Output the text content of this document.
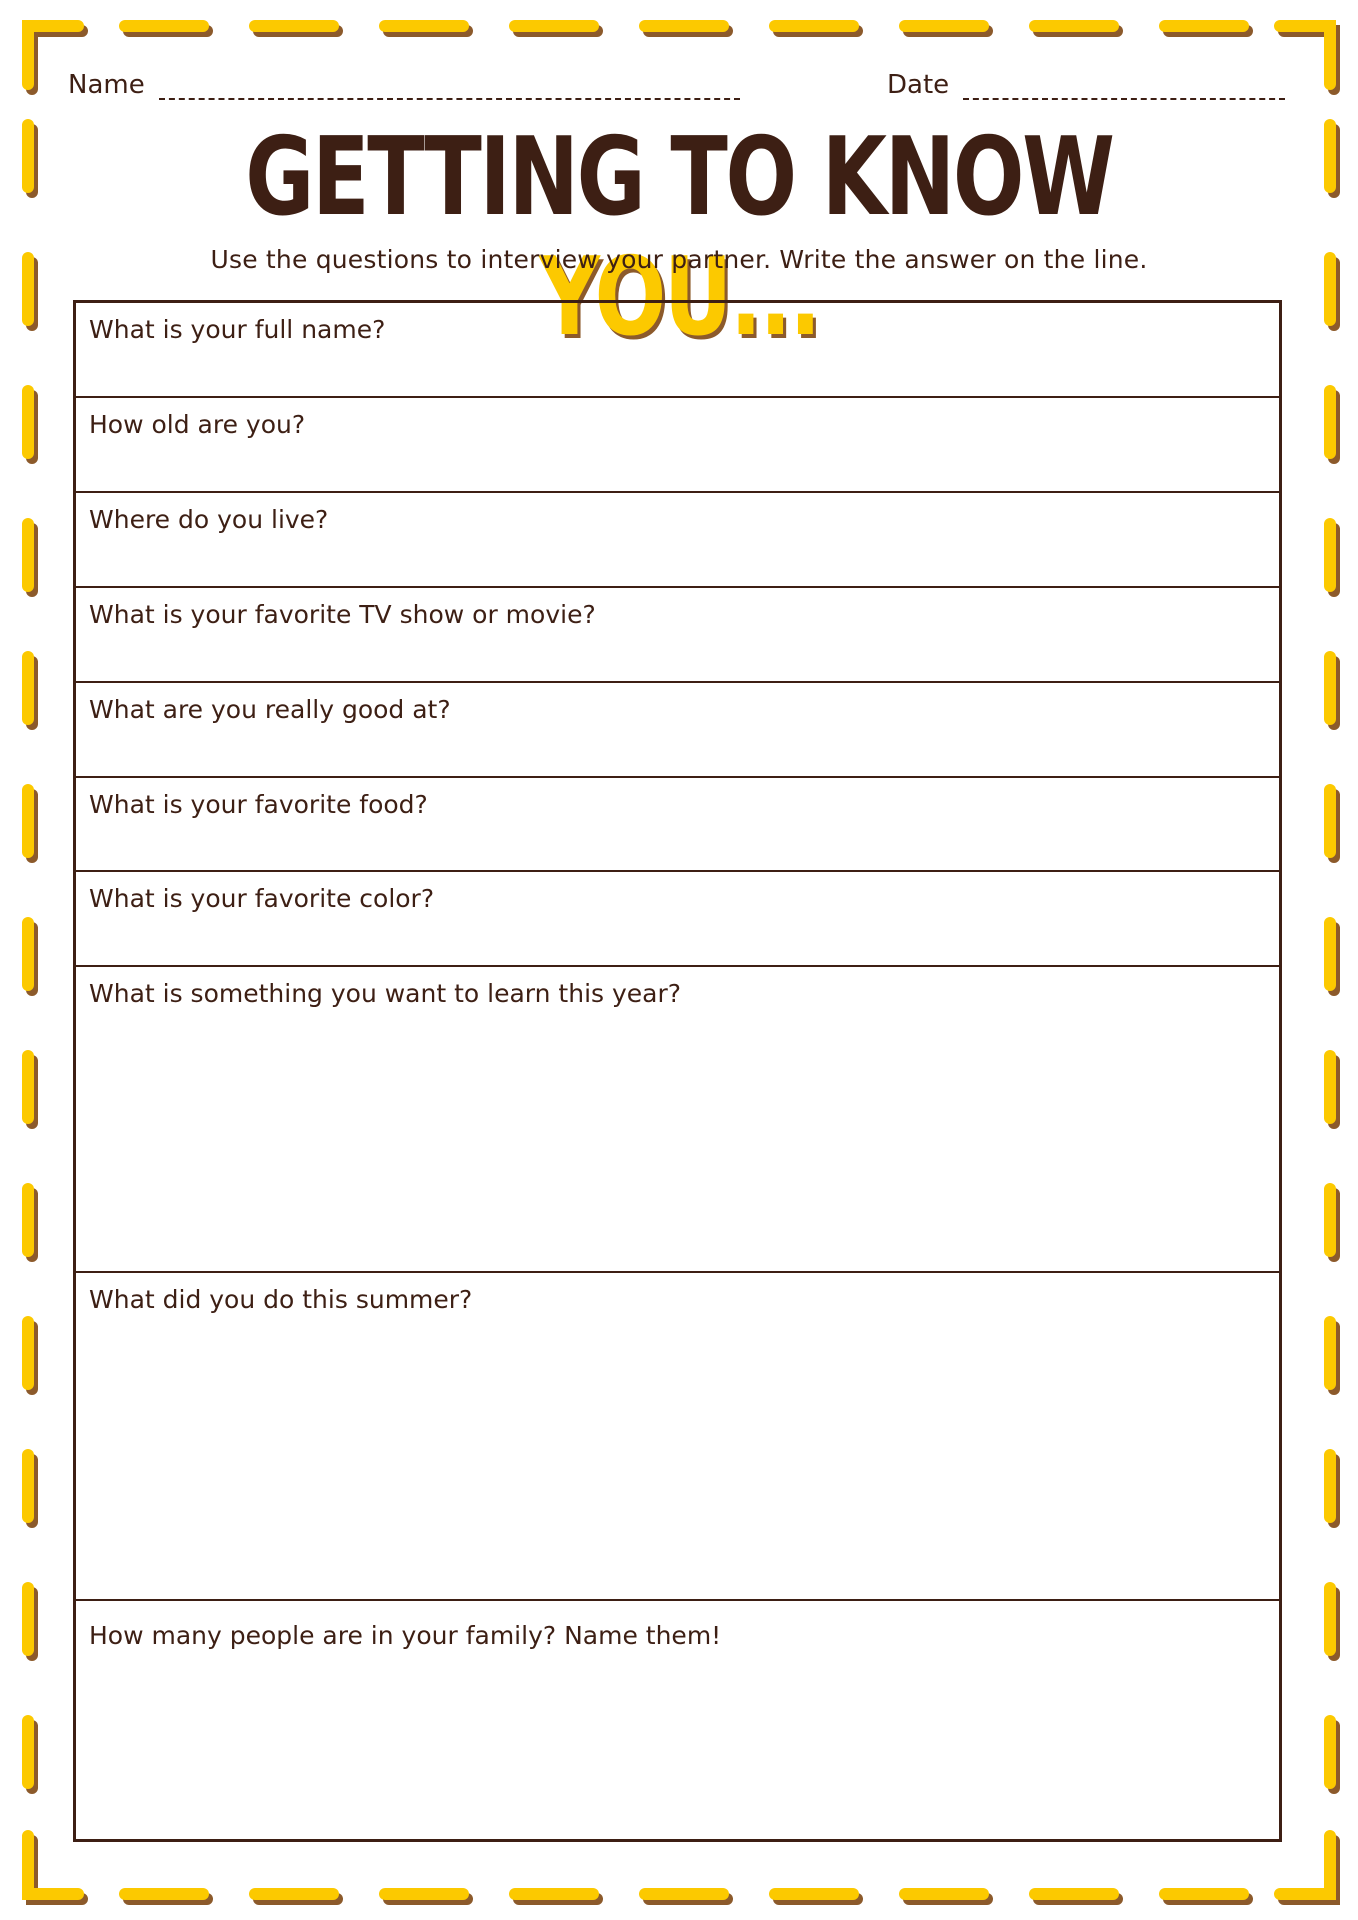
Name	Date
GETTING TO KNOW YOU...
Use the questions to interview your partner. Write the answer on the line.
What is your full name?
How old are you?
Where do you live?
What is your favorite TV show or movie?
What are you really good at?
What is your favorite food?
What is your favorite color?
What is something you want to learn this year?
What did you do this summer?
How many people are in your family? Name them!
